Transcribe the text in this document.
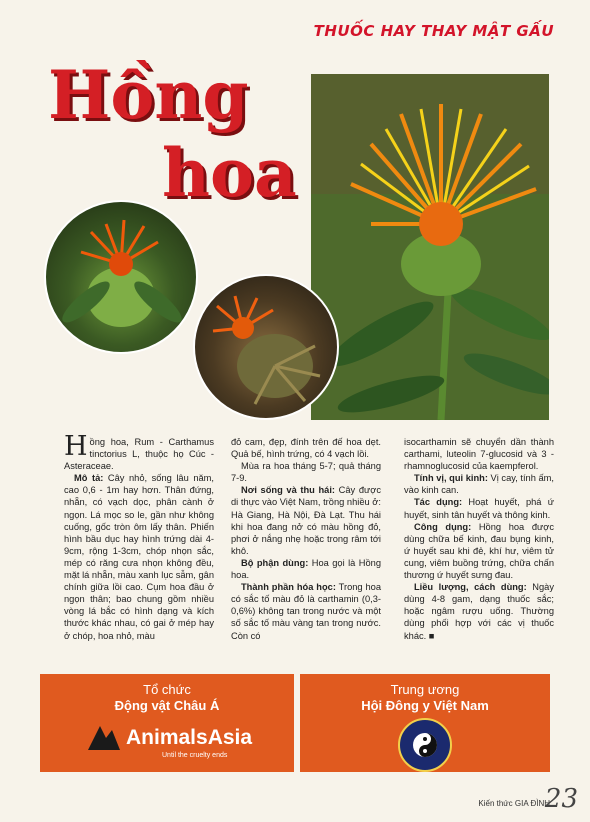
THUỐC HAY THAY MẬT GẤU
Hồng
hoa

Hồng hoa, Rum - Carthamus tinctorius L, thuộc họ Cúc - Asteraceae.

Mô tả: Cây nhỏ, sống lâu năm, cao 0,6 - 1m hay hơn. Thân đứng, nhẵn, có vạch dọc, phân cành ở ngọn. Lá mọc so le, gần như không cuống, gốc tròn ôm lấy thân. Phiến hình bầu dục hay hình trứng dài 4-9cm, rộng 1-3cm, chóp nhọn sắc, mép có răng cưa nhọn không đều, mặt lá nhẵn, màu xanh lục sẫm, gân chính giữa lồi cao. Cụm hoa đầu ở ngọn thân; bao chung gồm nhiều vòng lá bắc có hình dạng và kích thước khác nhau, có gai ở mép hay ở chóp, hoa nhỏ, màu

đỏ cam, đẹp, đính trên đế hoa dẹt. Quả bế, hình trứng, có 4 vạch lồi.

Mùa ra hoa tháng 5-7; quả tháng 7-9.

Nơi sống và thu hái: Cây được di thực vào Việt Nam, trồng nhiều ở: Hà Giang, Hà Nội, Đà Lạt. Thu hái khi hoa đang nở có màu hồng đỏ, phơi ở nắng nhẹ hoặc trong râm tới khô.

Bộ phận dùng: Hoa gọi là Hồng hoa.

Thành phần hóa học: Trong hoa có sắc tố màu đỏ là carthamin (0,3-0,6%) không tan trong nước và một số sắc tố màu vàng tan trong nước. Còn có

isocarthamin sẽ chuyển dần thành carthami, luteolin 7-glucosid và 3 - rhamnoglucosid của kaempferol.

Tính vị, qui kinh: Vị cay, tính ấm, vào kinh can.

Tác dụng: Hoạt huyết, phá ứ huyết, sinh tân huyết và thông kinh.

Công dụng: Hồng hoa được dùng chữa bế kinh, đau bụng kinh, ứ huyết sau khi đẻ, khí hư, viêm tử cung, viêm buồng trứng, chữa chấn thương ứ huyết sưng đau.

Liều lượng, cách dùng: Ngày dùng 4-8 gam, dạng thuốc sắc; hoặc ngâm rượu uống. Thường dùng phối hợp với các vị thuốc khác. ■

Tổ chức
Động vật Châu Á
AnimalsAsia
Until the cruelty ends
Trung ương
Hội Đông y Việt Nam
Kiến thức GIA ĐÌNH
23
